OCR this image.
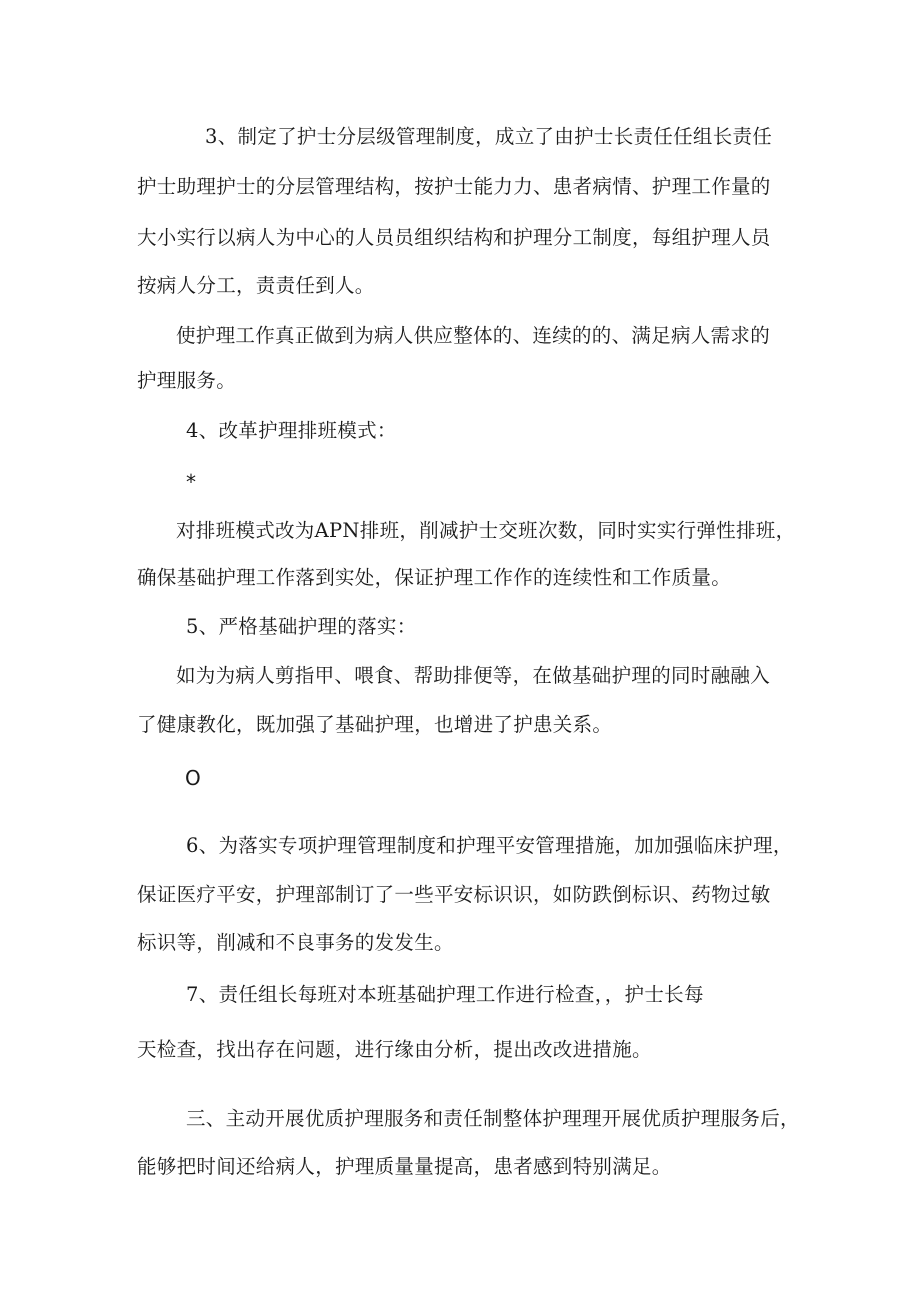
3、制定了护士分层级管理制度，成立了由护士长责任任组长责任
护士助理护士的分层管理结构，按护士能力力、患者病情、护理工作量的
大小实行以病人为中心的人员员组织结构和护理分工制度，每组护理人员
按病人分工，责责任到人。
使护理工作真正做到为病人供应整体的、连续的的、满足病人需求的
护理服务。
4、改革护理排班模式：
*
对排班模式改为APN排班，削减护士交班次数，同时实实行弹性排班，
确保基础护理工作落到实处，保证护理工作作的连续性和工作质量。
5、严格基础护理的落实：
如为为病人剪指甲、喂食、帮助排便等，在做基础护理的同时融融入
了健康教化，既加强了基础护理，也增进了护患关系。
O
6、为落实专项护理管理制度和护理平安管理措施，加加强临床护理，
保证医疗平安，护理部制订了一些平安标识识，如防跌倒标识、药物过敏
标识等，削减和不良事务的发发生。
7、责任组长每班对本班基础护理工作进行检查，，护士长每
天检查，找出存在问题，进行缘由分析，提出改改进措施。
三、主动开展优质护理服务和责任制整体护理理开展优质护理服务后，
能够把时间还给病人，护理质量量提高，患者感到特别满足。
